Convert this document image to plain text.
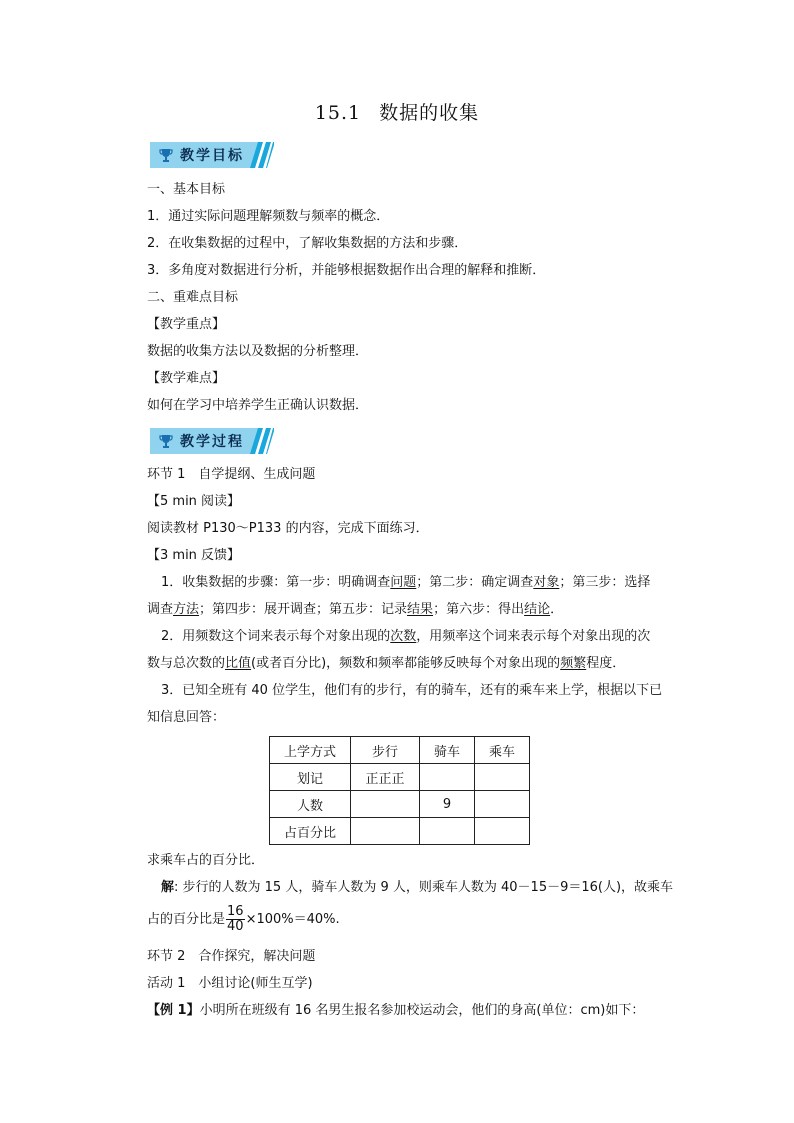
15.1 数据的收集
教学目标
一、基本目标
1．通过实际问题理解频数与频率的概念．
2．在收集数据的过程中，了解收集数据的方法和步骤．
3．多角度对数据进行分析，并能够根据数据作出合理的解释和推断．
二、重难点目标
【教学重点】
数据的收集方法以及数据的分析整理．
【教学难点】
如何在学习中培养学生正确认识数据．
教学过程
环节 1　自学提纲、生成问题
【5 min 阅读】
阅读教材 P130～P133 的内容，完成下面练习．
【3 min 反馈】
1．收集数据的步骤：第一步：明确调查问题；第二步：确定调查对象；第三步：选择
调查方法；第四步：展开调查；第五步：记录结果；第六步：得出结论．
2．用频数这个词来表示每个对象出现的次数，用频率这个词来表示每个对象出现的次
数与总次数的比值(或者百分比)，频数和频率都能够反映每个对象出现的频繁程度．
3．已知全班有 40 位学生，他们有的步行，有的骑车，还有的乘车来上学，根据以下已
知信息回答：
上学方式	步行	骑车	乘车
划记	正正正		
人数		9	
占百分比			
求乘车占的百分比．
解: 步行的人数为 15 人，骑车人数为 9 人，则乘车人数为 40－15－9＝16(人)，故乘车
占的百分比是 $\frac{16}{40} \times 100\%=40\%$.
环节 2　合作探究，解决问题
活动 1　小组讨论(师生互学)
【例 1】小明所在班级有 16 名男生报名参加校运动会，他们的身高(单位：cm)如下：
